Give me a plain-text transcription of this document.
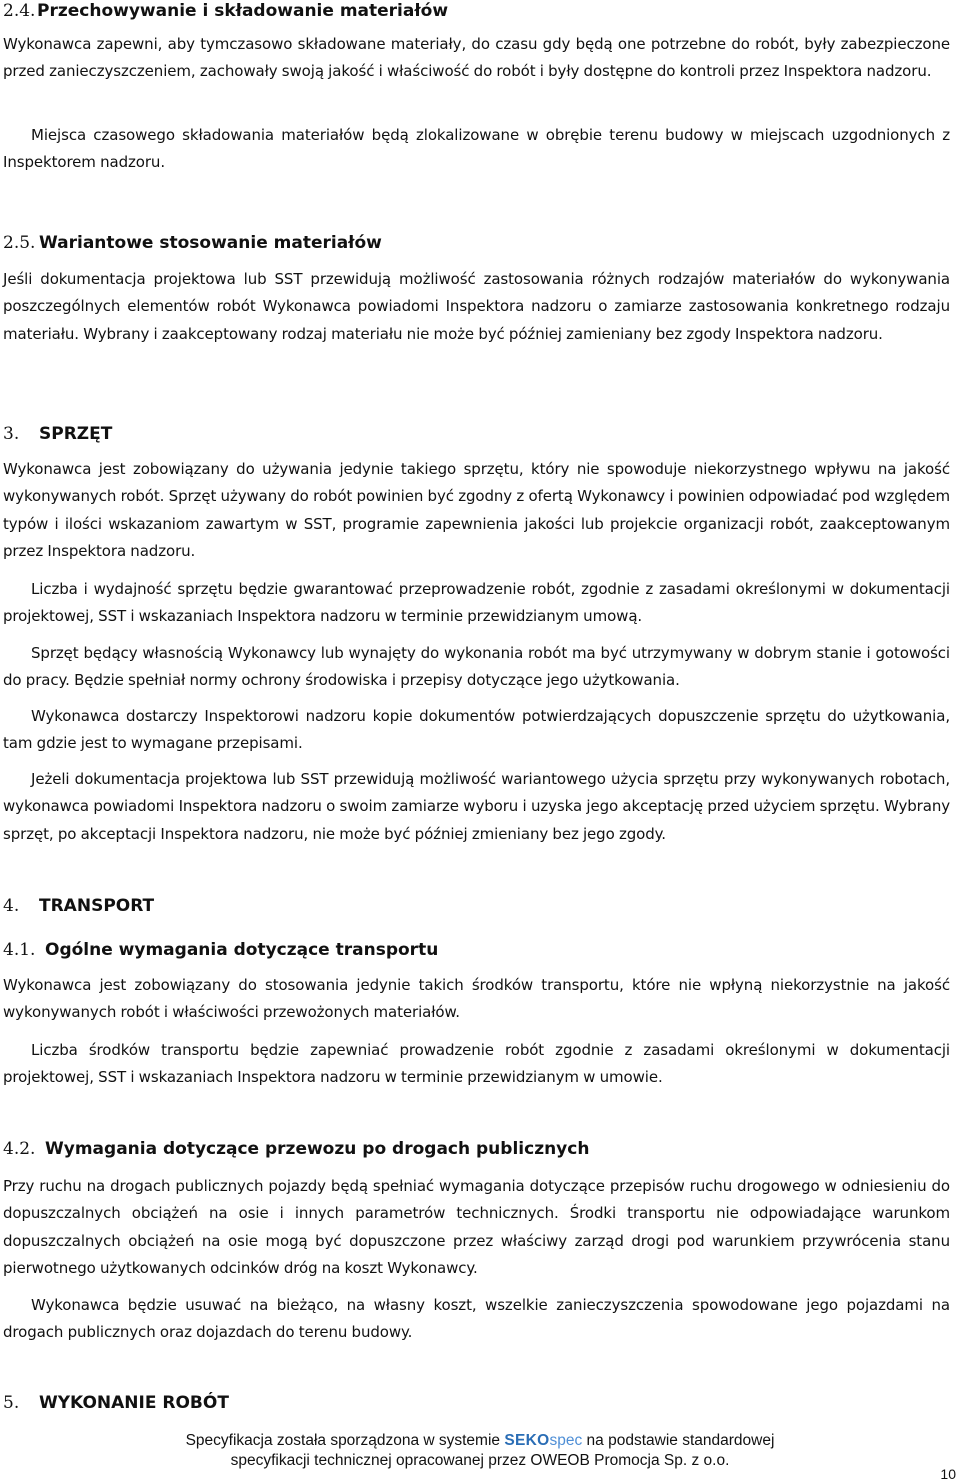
2.4.Przechowywanie i składowanie materiałów
Wykonawca zapewni, aby tymczasowo składowane materiały, do czasu gdy będą one potrzebne do robót, były zabezpieczone przed zanieczyszczeniem, zachowały swoją jakość i właściwość do robót i były dostępne do kontroli przez Inspektora nadzoru.
Miejsca czasowego składowania materiałów będą zlokalizowane w obrębie terenu budowy w miejscach uzgodnionych z Inspektorem nadzoru.
2.5. Wariantowe stosowanie materiałów
Jeśli dokumentacja projektowa lub SST przewidują możliwość zastosowania różnych rodzajów materiałów do wykonywania poszczególnych elementów robót Wykonawca powiadomi Inspektora nadzoru o zamiarze zastosowania konkretnego rodzaju materiału. Wybrany i zaakceptowany rodzaj materiału nie może być później zamieniany bez zgody Inspektora nadzoru.
3. SPRZĘT
Wykonawca jest zobowiązany do używania jedynie takiego sprzętu, który nie spowoduje niekorzystnego wpływu na jakość wykonywanych robót. Sprzęt używany do robót powinien być zgodny z ofertą Wykonawcy i powinien odpowiadać pod względem typów i ilości wskazaniom zawartym w SST, programie zapewnienia jakości lub projekcie organizacji robót, zaakceptowanym przez Inspektora nadzoru.
Liczba i wydajność sprzętu będzie gwarantować przeprowadzenie robót, zgodnie z zasadami określonymi w dokumentacji projektowej, SST i wskazaniach Inspektora nadzoru w terminie przewidzianym umową.
Sprzęt będący własnością Wykonawcy lub wynajęty do wykonania robót ma być utrzymywany w dobrym stanie i gotowości do pracy. Będzie spełniał normy ochrony środowiska i przepisy dotyczące jego użytkowania.
Wykonawca dostarczy Inspektorowi nadzoru kopie dokumentów potwierdzających dopuszczenie sprzętu do użytkowania, tam gdzie jest to wymagane przepisami.
Jeżeli dokumentacja projektowa lub SST przewidują możliwość wariantowego użycia sprzętu przy wykonywanych robotach, wykonawca powiadomi Inspektora nadzoru o swoim zamiarze wyboru i uzyska jego akceptację przed użyciem sprzętu. Wybrany sprzęt, po akceptacji Inspektora nadzoru, nie może być później zmieniany bez jego zgody.
4. TRANSPORT
4.1. Ogólne wymagania dotyczące transportu
Wykonawca jest zobowiązany do stosowania jedynie takich środków transportu, które nie wpłyną niekorzystnie na jakość wykonywanych robót i właściwości przewożonych materiałów.
Liczba środków transportu będzie zapewniać prowadzenie robót zgodnie z zasadami określonymi w dokumentacji projektowej, SST i wskazaniach Inspektora nadzoru w terminie przewidzianym w umowie.
4.2. Wymagania dotyczące przewozu po drogach publicznych
Przy ruchu na drogach publicznych pojazdy będą spełniać wymagania dotyczące przepisów ruchu drogowego w odniesieniu do dopuszczalnych obciążeń na osie i innych parametrów technicznych. Środki transportu nie odpowiadające warunkom dopuszczalnych obciążeń na osie mogą być dopuszczone przez właściwy zarząd drogi pod warunkiem przywrócenia stanu pierwotnego użytkowanych odcinków dróg na koszt Wykonawcy.
Wykonawca będzie usuwać na bieżąco, na własny koszt, wszelkie zanieczyszczenia spowodowane jego pojazdami na drogach publicznych oraz dojazdach do terenu budowy.
5. WYKONANIE ROBÓT
Specyfikacja została sporządzona w systemie SEKOspec na podstawie standardowej
specyfikacji technicznej opracowanej przez OWEOB Promocja Sp. z o.o.
10
